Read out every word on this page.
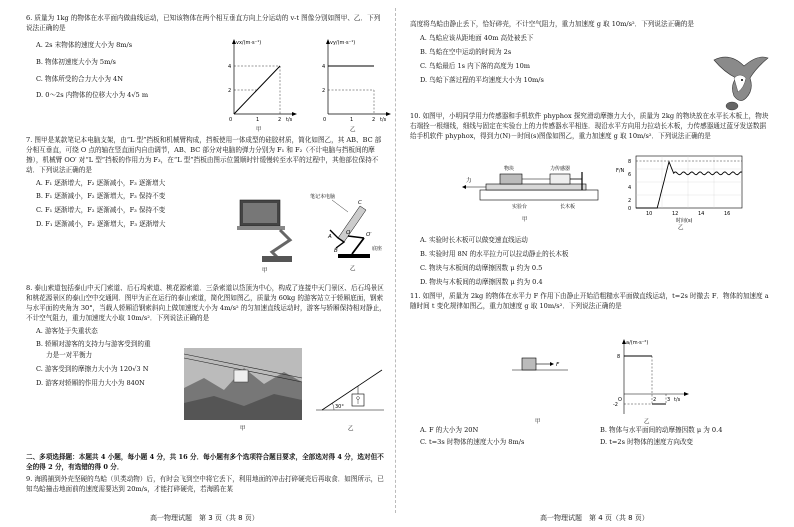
6. 质量为 1kg 的物体在水平面内做曲线运动，已知该物体在两个相互垂直方向上分运动的 v-t 图像分别如图甲、乙．下列说法正确的是

A. 2s 末物体的速度大小为 8m/s

B. 物体初速度大小为 5m/s

C. 物体所受的合力大小为 4N

D. 0～2s 内物体的位移大小为 4√5 m

vx/(m·s⁻¹)
4
2
0	1	2 t/s
甲
vy/(m·s⁻¹)
4
2
0	1	2 t/s
乙

7. 图甲是某款笔记本电脑支架，由“L 型”挡板和机械臂构成，挡板使用一体成型的硅胶材质，简化如图乙，其 AB、BC 部分相互垂直，可绕 O 点的轴在竖直面内自由调节，AB、BC 部分对电脑的弹力分别为 F₁ 和 F₂（不计电脑与挡板间的摩擦），机械臂 OO′ 对“L 型”挡板的作用力为 F₃，在“L 型”挡板由图示位置顺时针缓慢转至水平的过程中，其他部位保持不动．下列说法正确的是

A. F₁ 逐渐增大，F₂ 逐渐减小，F₃ 逐渐增大

B. F₁ 逐渐减小，F₂ 逐渐增大，F₃ 保持不变

C. F₁ 逐渐增大，F₂ 逐渐减小，F₃ 保持不变

D. F₁ 逐渐减小，F₂ 逐渐增大，F₃ 逐渐增大

甲
笔记本电脑
A
B
C
O	O′
底座
乙

8. 泰山索道包括泰山中天门索道、后石坞索道、桃花源索道．三条索道以岱顶为中心，构成了连接中天门景区、后石坞景区和桃花源景区的泰山空中交通网．图甲为正在运行的泰山索道，简化图如图乙，质量为 60kg 的游客站立于轿厢底面，钢索与水平面的夹角为 30°，当载人轿厢沿钢索斜向上做加速度大小为 4m/s² 的匀加速直线运动时，游客与轿厢保持相对静止，不计空气阻力，重力加速度大小取 10m/s²．下列说法正确的是

A. 游客处于失重状态

B. 轿厢对游客的支持力与游客受到的重

力是一对平衡力

C. 游客受到的摩擦力大小为 120√3 N

D. 游客对轿厢的作用力大小为 840N

甲
30°
乙

二、多项选择题：本题共 4 小题，每小题 4 分，共 16 分．每小题有多个选项符合题目要求，全部选对得 4 分，选对但不全的得 2 分，有选错的得 0 分．

9. 海鸥捕到外壳坚硬的鸟蛤（贝类动物）后，有时会飞到空中将它丢下，利用地面的冲击打碎硬壳后再取食．如图所示，已知鸟蛤撞击地面前的速度需要达到 20m/s，才能打碎硬壳，若海鸥在某

高一物理试题　第 3 页（共 8 页）

高度将鸟蛤由静止丢下，恰好碎壳，不计空气阻力，重力加速度 g 取 10m/s²．下列说法正确的是

A. 鸟蛤应该从距地面 40m 高处被丢下

B. 鸟蛤在空中运动的时间为 2s

C. 鸟蛤最后 1s 内下落的高度为 10m

D. 鸟蛤下落过程的平均速度大小为 10m/s

10. 如图甲，小明同学用力传感器和手机软件 phyphox 探究滑动摩擦力大小，质量为 2kg 的物块放在水平长木板上，物块右端拴一根细线，细线与固定在实验台上的力传感器水平相连．现沿水平方向用力拉动长木板，力传感器通过蓝牙发送数据给手机软件 phyphox，得到力(N)－时间(s)图像如图乙，重力加速度 g 取 10m/s²．下列说法正确的是

力
物块	力传感器
实验台	长木板
甲
F/N
8
6
4
2
0
10	12	14	16
时间(s)
乙

A. 实验时长木板可以做变速直线运动

B. 实验时用 8N 的水平拉力可以拉动静止的长木板

C. 物块与木板间的动摩擦因数 μ 约为 0.5

D. 物块与木板间的动摩擦因数 μ 约为 0.4

11. 如图甲，质量为 2kg 的物体在水平力 F 作用下由静止开始沿粗糙水平面做直线运动，t=2s 时撤去 F．物体的加速度 a 随时间 t 变化规律如图乙，重力加速度 g 取 10m/s²．下列说法正确的是

F
甲
a/(m·s⁻²)
8
-2
O	2 3 t/s
乙

A. F 的大小为 20N	B. 物体与水平面间的动摩擦因数 μ 为 0.4

C. t=3s 时物体的速度大小为 8m/s	D. t=2s 时物体的速度方向改变

高一物理试题　第 4 页（共 8 页）
